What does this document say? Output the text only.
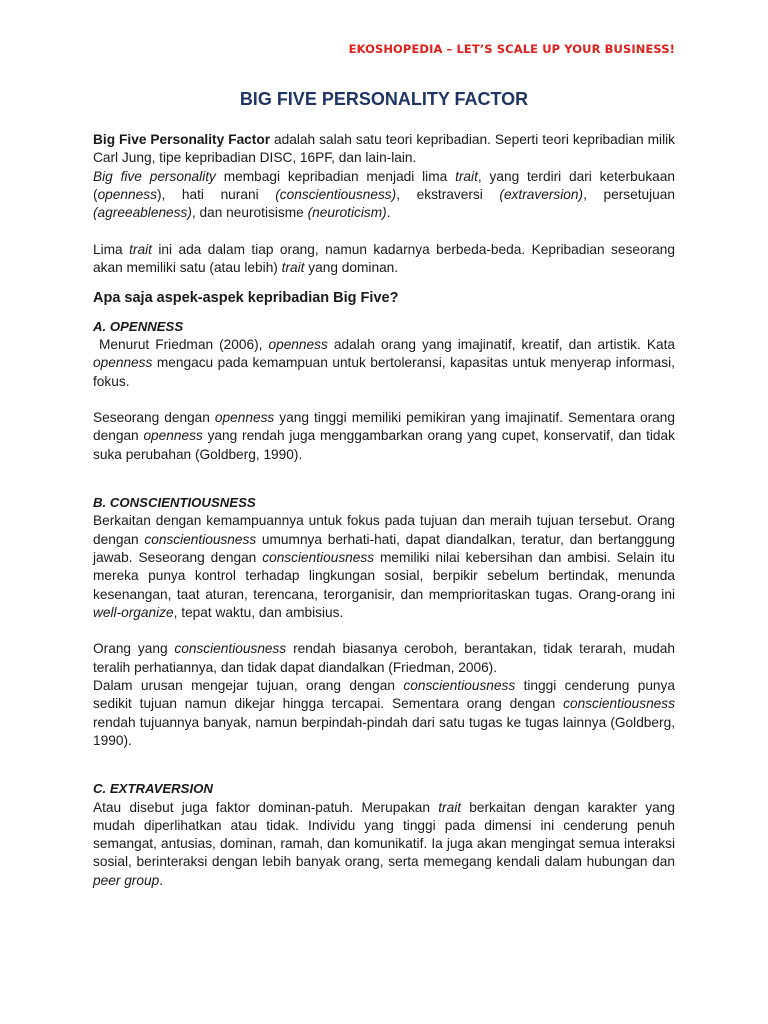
EKOSHOPEDIA – LET’S SCALE UP YOUR BUSINESS!
BIG FIVE PERSONALITY FACTOR

Big Five Personality Factor adalah salah satu teori kepribadian. Seperti teori kepribadian milik Carl Jung, tipe kepribadian DISC, 16PF, dan lain-lain.

Big five personality membagi kepribadian menjadi lima trait, yang terdiri dari keterbukaan (openness), hati nurani (conscientiousness), ekstraversi (extraversion), persetujuan (agreeableness), dan neurotisisme (neuroticism).

Lima trait ini ada dalam tiap orang, namun kadarnya berbeda-beda. Kepribadian seseorang akan memiliki satu (atau lebih) trait yang dominan.

Apa saja aspek-aspek kepribadian Big Five?
A. OPENNESS

Menurut Friedman (2006), openness adalah orang yang imajinatif, kreatif, dan artistik. Kata openness mengacu pada kemampuan untuk bertoleransi, kapasitas untuk menyerap informasi, fokus.

Seseorang dengan openness yang tinggi memiliki pemikiran yang imajinatif. Sementara orang dengan openness yang rendah juga menggambarkan orang yang cupet, konservatif, dan tidak suka perubahan (Goldberg, 1990).

B. CONSCIENTIOUSNESS

Berkaitan dengan kemampuannya untuk fokus pada tujuan dan meraih tujuan tersebut. Orang dengan conscientiousness umumnya berhati-hati, dapat diandalkan, teratur, dan bertanggung jawab. Seseorang dengan conscientiousness memiliki nilai kebersihan dan ambisi. Selain itu mereka punya kontrol terhadap lingkungan sosial, berpikir sebelum bertindak, menunda kesenangan, taat aturan, terencana, terorganisir, dan memprioritaskan tugas. Orang-orang ini well-organize, tepat waktu, dan ambisius.

Orang yang conscientiousness rendah biasanya ceroboh, berantakan, tidak terarah, mudah teralih perhatiannya, dan tidak dapat diandalkan (Friedman, 2006).

Dalam urusan mengejar tujuan, orang dengan conscientiousness tinggi cenderung punya sedikit tujuan namun dikejar hingga tercapai. Sementara orang dengan conscientiousness rendah tujuannya banyak, namun berpindah-pindah dari satu tugas ke tugas lainnya (Goldberg, 1990).

C. EXTRAVERSION

Atau disebut juga faktor dominan-patuh. Merupakan trait berkaitan dengan karakter yang mudah diperlihatkan atau tidak. Individu yang tinggi pada dimensi ini cenderung penuh semangat, antusias, dominan, ramah, dan komunikatif. Ia juga akan mengingat semua interaksi sosial, berinteraksi dengan lebih banyak orang, serta memegang kendali dalam hubungan dan peer group.
